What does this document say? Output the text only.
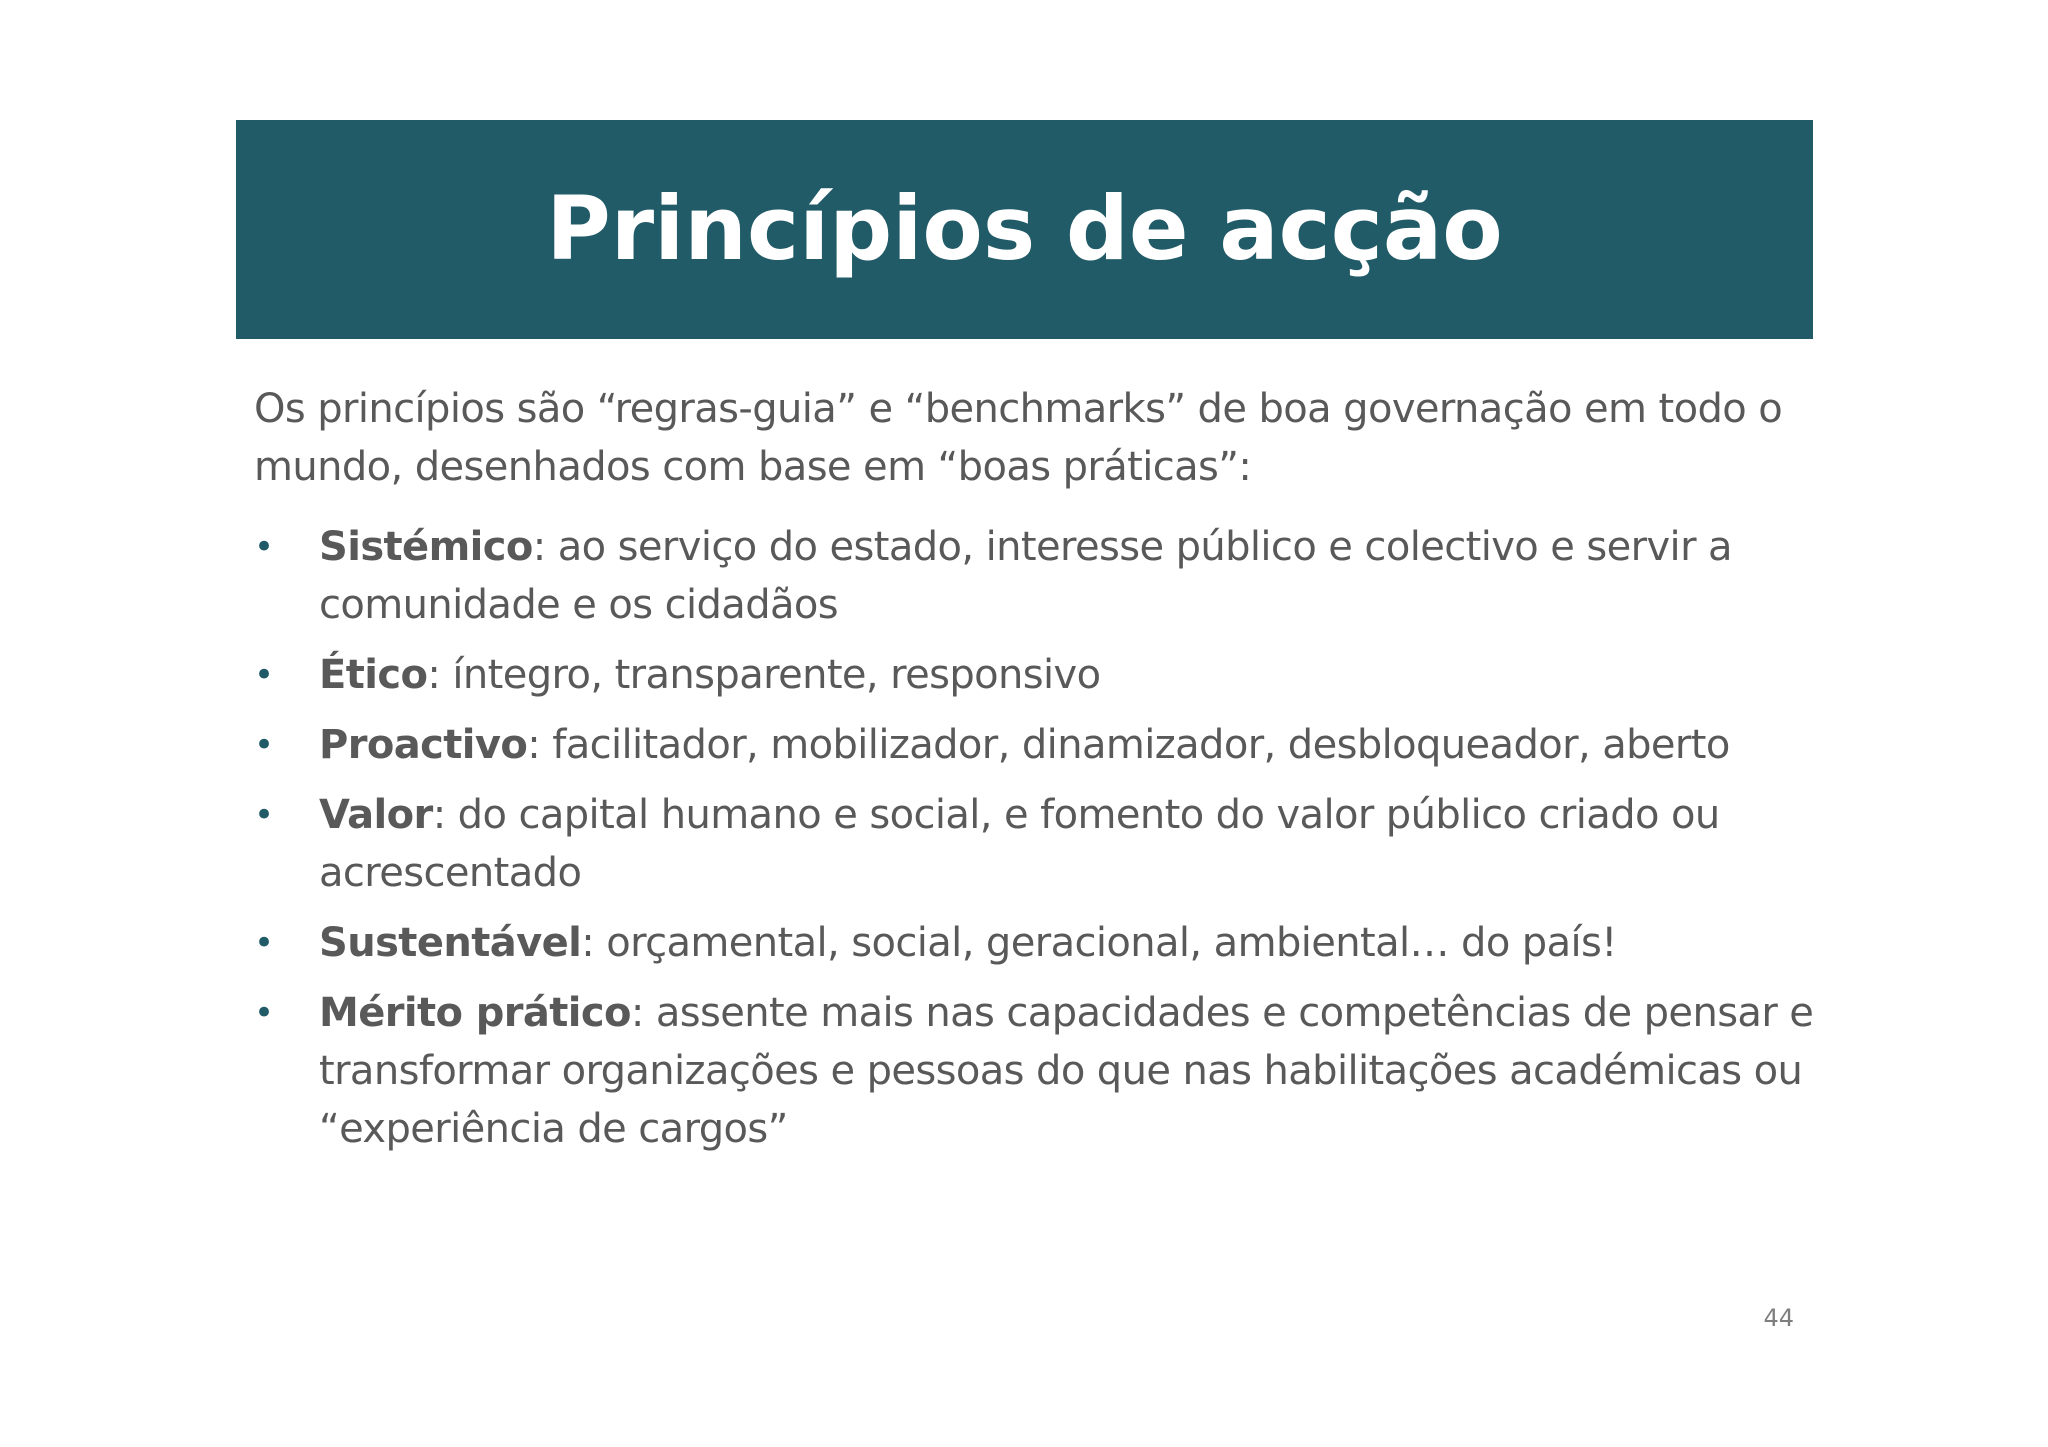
Princípios de acção

Os princípios são “regras-guia” e “benchmarks” de boa governação em todo o
mundo, desenhados com base em “boas práticas”:

• Sistémico: ao serviço do estado, interesse público e colectivo e servir a comunidade e os cidadãos
• Ético: íntegro, transparente, responsivo
• Proactivo: facilitador, mobilizador, dinamizador, desbloqueador, aberto
• Valor: do capital humano e social, e fomento do valor público criado ou acrescentado
• Sustentável: orçamental, social, geracional, ambiental… do país!
• Mérito prático: assente mais nas capacidades e competências de pensar e transformar organizações e pessoas do que nas habilitações académicas ou “experiência de cargos”
44
